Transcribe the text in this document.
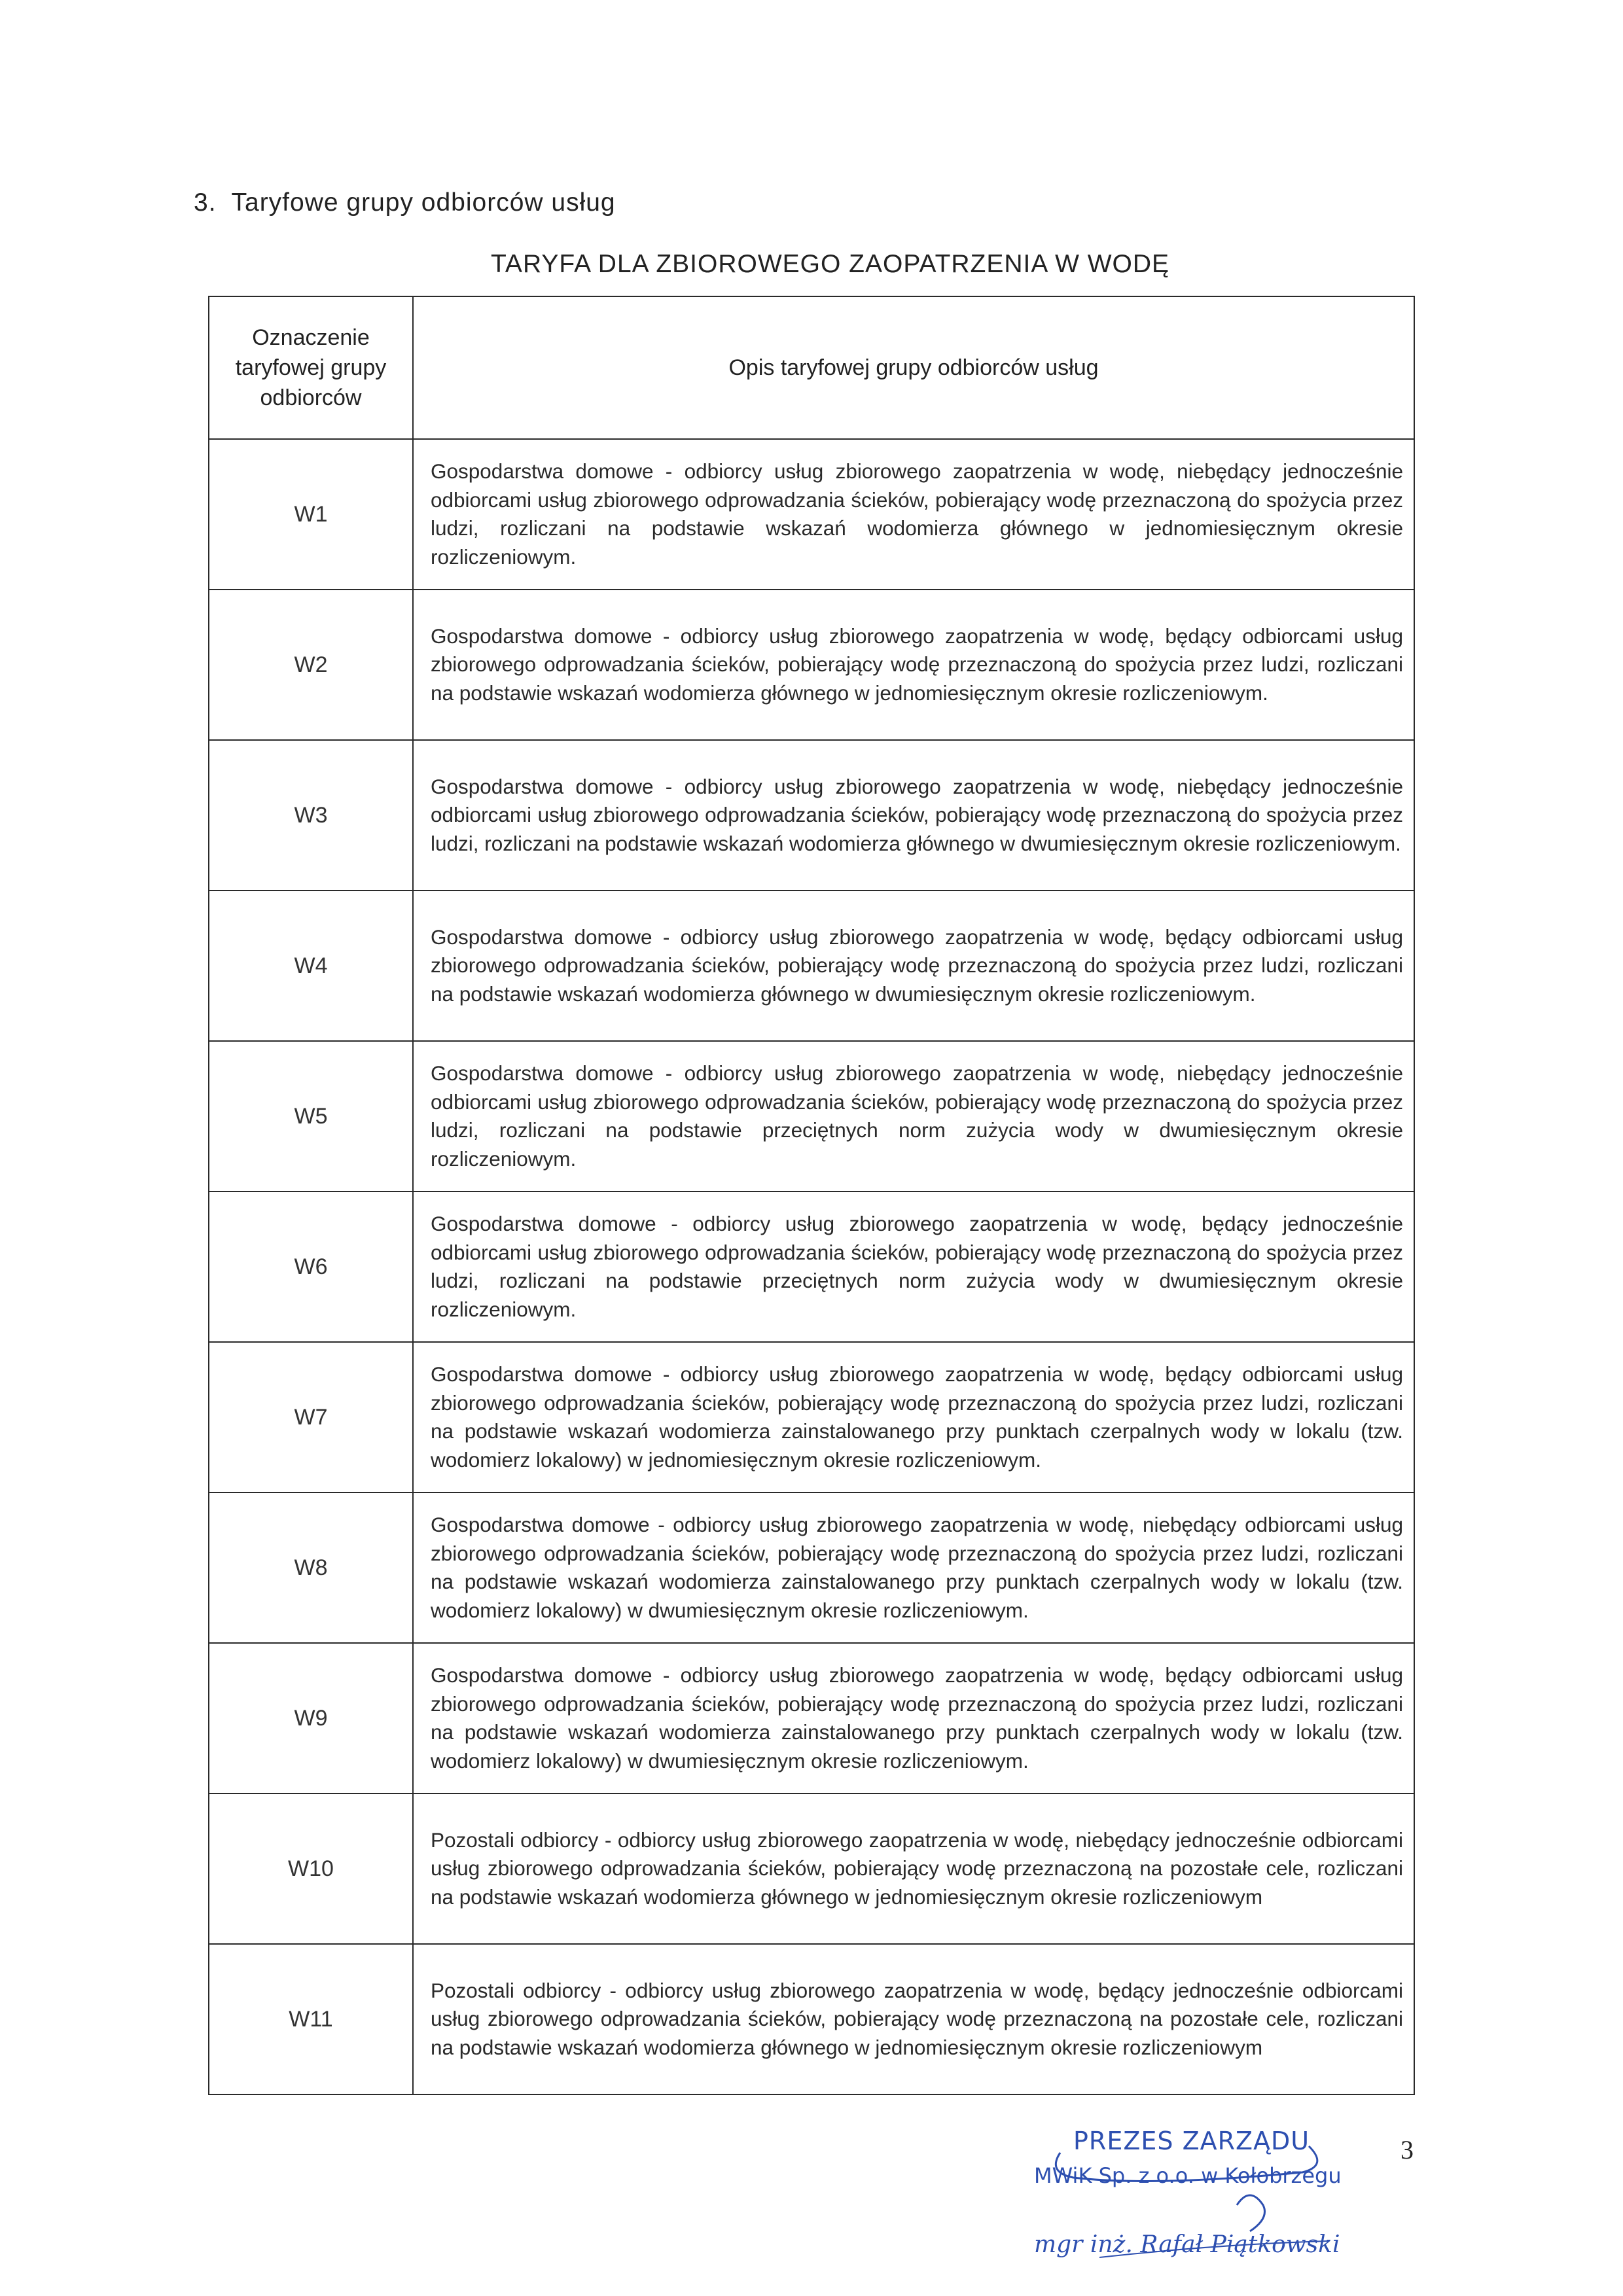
3. Taryfowe grupy odbiorców usług
TARYFA DLA ZBIOROWEGO ZAOPATRZENIA W WODĘ
Oznaczenie taryfowej grupy odbiorców	Opis taryfowej grupy odbiorców usług
W1	Gospodarstwa domowe - odbiorcy usług zbiorowego zaopatrzenia w wodę, niebędący jednocześnie odbiorcami usług zbiorowego odprowadzania ścieków, pobierający wodę przeznaczoną do spożycia przez ludzi, rozliczani na podstawie wskazań wodomierza głównego w jednomiesięcznym okresie rozliczeniowym.
W2	Gospodarstwa domowe - odbiorcy usług zbiorowego zaopatrzenia w wodę, będący odbiorcami usług zbiorowego odprowadzania ścieków, pobierający wodę przeznaczoną do spożycia przez ludzi, rozliczani na podstawie wskazań wodomierza głównego w jednomiesięcznym okresie rozliczeniowym.
W3	Gospodarstwa domowe - odbiorcy usług zbiorowego zaopatrzenia w wodę, niebędący jednocześnie odbiorcami usług zbiorowego odprowadzania ścieków, pobierający wodę przeznaczoną do spożycia przez ludzi, rozliczani na podstawie wskazań wodomierza głównego w dwumiesięcznym okresie rozliczeniowym.
W4	Gospodarstwa domowe - odbiorcy usług zbiorowego zaopatrzenia w wodę, będący odbiorcami usług zbiorowego odprowadzania ścieków, pobierający wodę przeznaczoną do spożycia przez ludzi, rozliczani na podstawie wskazań wodomierza głównego w dwumiesięcznym okresie rozliczeniowym.
W5	Gospodarstwa domowe - odbiorcy usług zbiorowego zaopatrzenia w wodę, niebędący jednocześnie odbiorcami usług zbiorowego odprowadzania ścieków, pobierający wodę przeznaczoną do spożycia przez ludzi, rozliczani na podstawie przeciętnych norm zużycia wody w dwumiesięcznym okresie rozliczeniowym.
W6	Gospodarstwa domowe - odbiorcy usług zbiorowego zaopatrzenia w wodę, będący jednocześnie odbiorcami usług zbiorowego odprowadzania ścieków, pobierający wodę przeznaczoną do spożycia przez ludzi, rozliczani na podstawie przeciętnych norm zużycia wody w dwumiesięcznym okresie rozliczeniowym.
W7	Gospodarstwa domowe - odbiorcy usług zbiorowego zaopatrzenia w wodę, będący odbiorcami usług zbiorowego odprowadzania ścieków, pobierający wodę przeznaczoną do spożycia przez ludzi, rozliczani na podstawie wskazań wodomierza zainstalowanego przy punktach czerpalnych wody w lokalu (tzw. wodomierz lokalowy) w jednomiesięcznym okresie rozliczeniowym.
W8	Gospodarstwa domowe - odbiorcy usług zbiorowego zaopatrzenia w wodę, niebędący odbiorcami usług zbiorowego odprowadzania ścieków, pobierający wodę przeznaczoną do spożycia przez ludzi, rozliczani na podstawie wskazań wodomierza zainstalowanego przy punktach czerpalnych wody w lokalu (tzw. wodomierz lokalowy) w dwumiesięcznym okresie rozliczeniowym.
W9	Gospodarstwa domowe - odbiorcy usług zbiorowego zaopatrzenia w wodę, będący odbiorcami usług zbiorowego odprowadzania ścieków, pobierający wodę przeznaczoną do spożycia przez ludzi, rozliczani na podstawie wskazań wodomierza zainstalowanego przy punktach czerpalnych wody w lokalu (tzw. wodomierz lokalowy) w dwumiesięcznym okresie rozliczeniowym.
W10	Pozostali odbiorcy - odbiorcy usług zbiorowego zaopatrzenia w wodę, niebędący jednocześnie odbiorcami usług zbiorowego odprowadzania ścieków, pobierający wodę przeznaczoną na pozostałe cele, rozliczani na podstawie wskazań wodomierza głównego w jednomiesięcznym okresie rozliczeniowym
W11	Pozostali odbiorcy - odbiorcy usług zbiorowego zaopatrzenia w wodę, będący jednocześnie odbiorcami usług zbiorowego odprowadzania ścieków, pobierający wodę przeznaczoną na pozostałe cele, rozliczani na podstawie wskazań wodomierza głównego w jednomiesięcznym okresie rozliczeniowym
PREZES ZARZĄDU
MWiK Sp. z o.o. w Kołobrzegu
mgr inż. Rafał Piątkowski
3
